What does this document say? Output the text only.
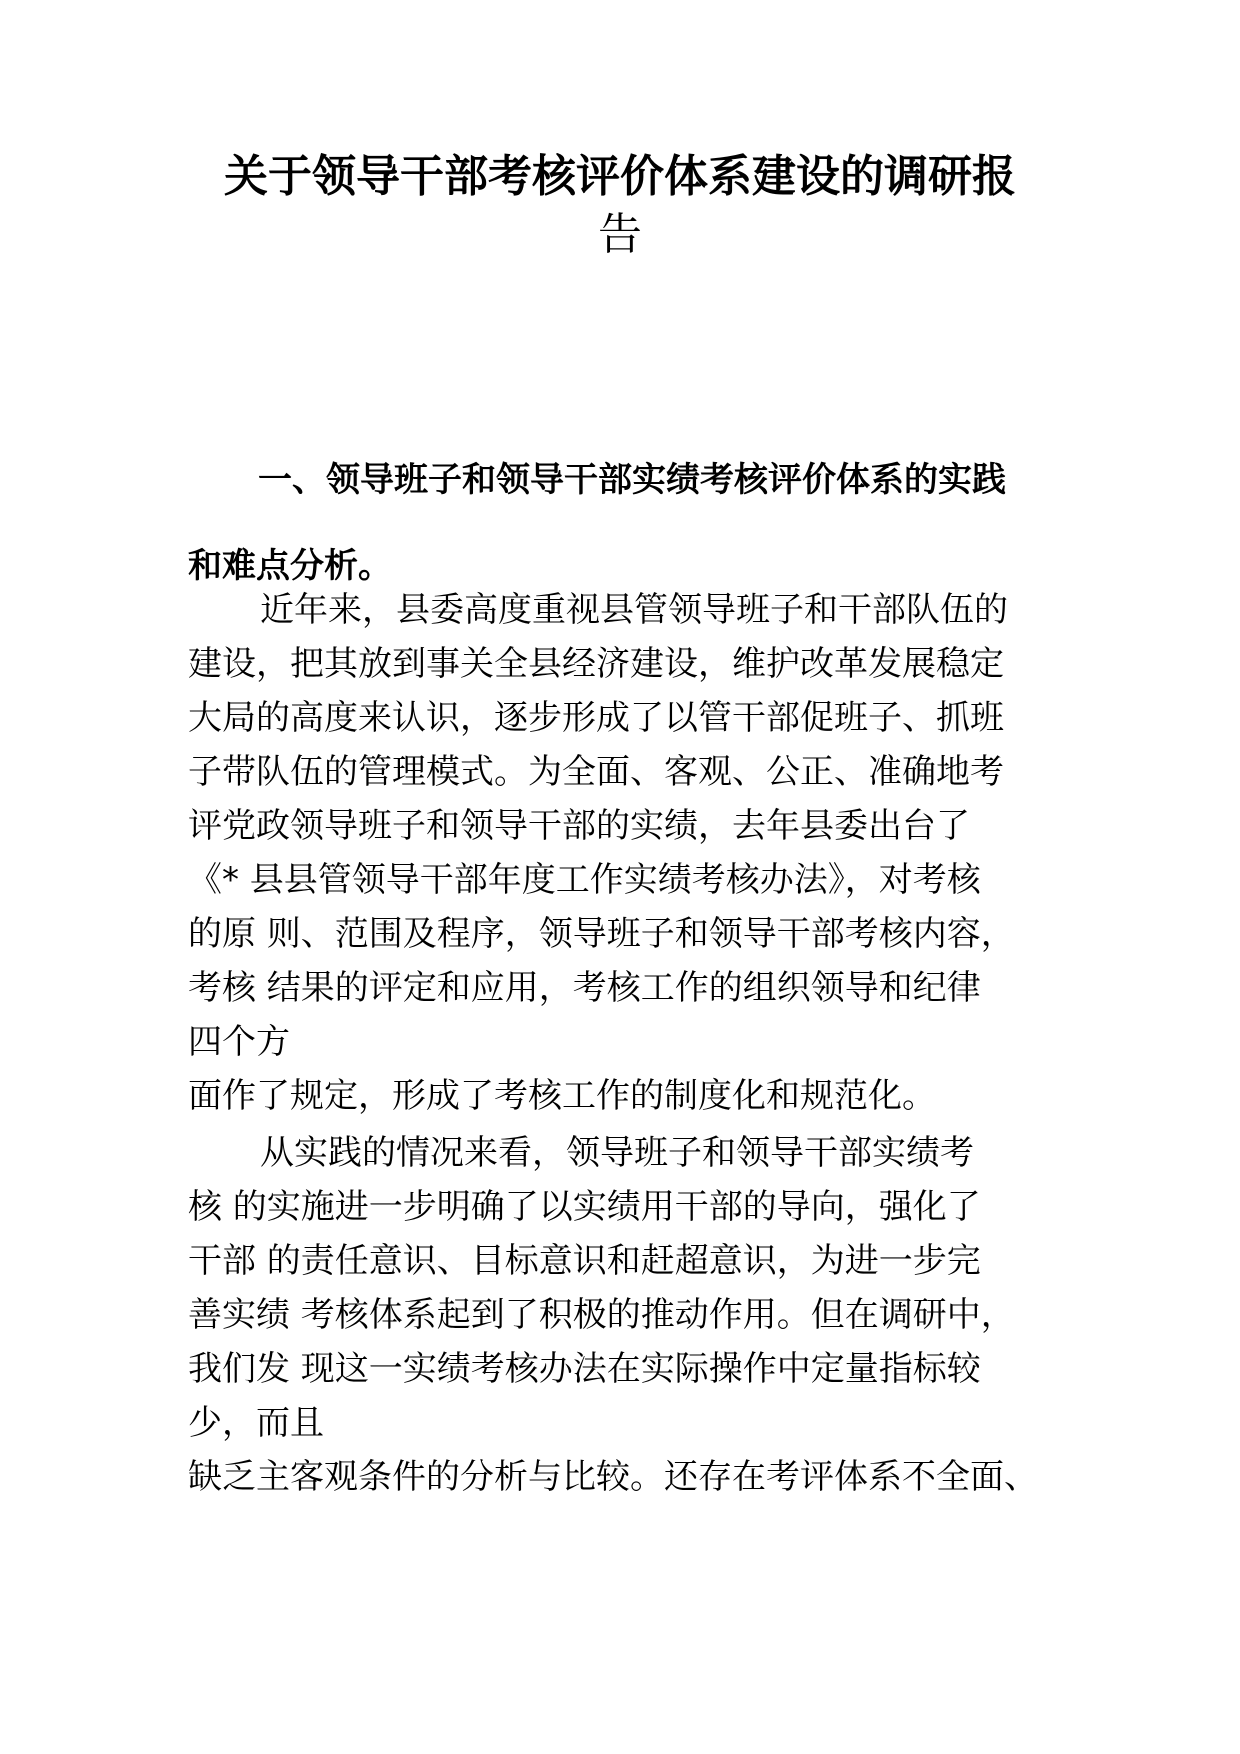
关于领导干部考核评价体系建设的调研报
告
一、领导班子和领导干部实绩考核评价体系的实践
和难点分析。
近年来，县委高度重视县管领导班子和干部队伍的
建设，把其放到事关全县经济建设，维护改革发展稳定
大局的高度来认识，逐步形成了以管干部促班子、抓班
子带队伍的管理模式。为全面、客观、公正、准确地考
评党政领导班子和领导干部的实绩，去年县委出台了
《* 县县管领导干部年度工作实绩考核办法》，对考核
的原 则、范围及程序，领导班子和领导干部考核内容，
考核 结果的评定和应用，考核工作的组织领导和纪律
四个方
面作了规定，形成了考核工作的制度化和规范化。
从实践的情况来看，领导班子和领导干部实绩考
核 的实施进一步明确了以实绩用干部的导向，强化了
干部 的责任意识、目标意识和赶超意识，为进一步完
善实绩 考核体系起到了积极的推动作用。但在调研中，
我们发 现这一实绩考核办法在实际操作中定量指标较
少，而且
缺乏主客观条件的分析与比较。还存在考评体系不全面、
